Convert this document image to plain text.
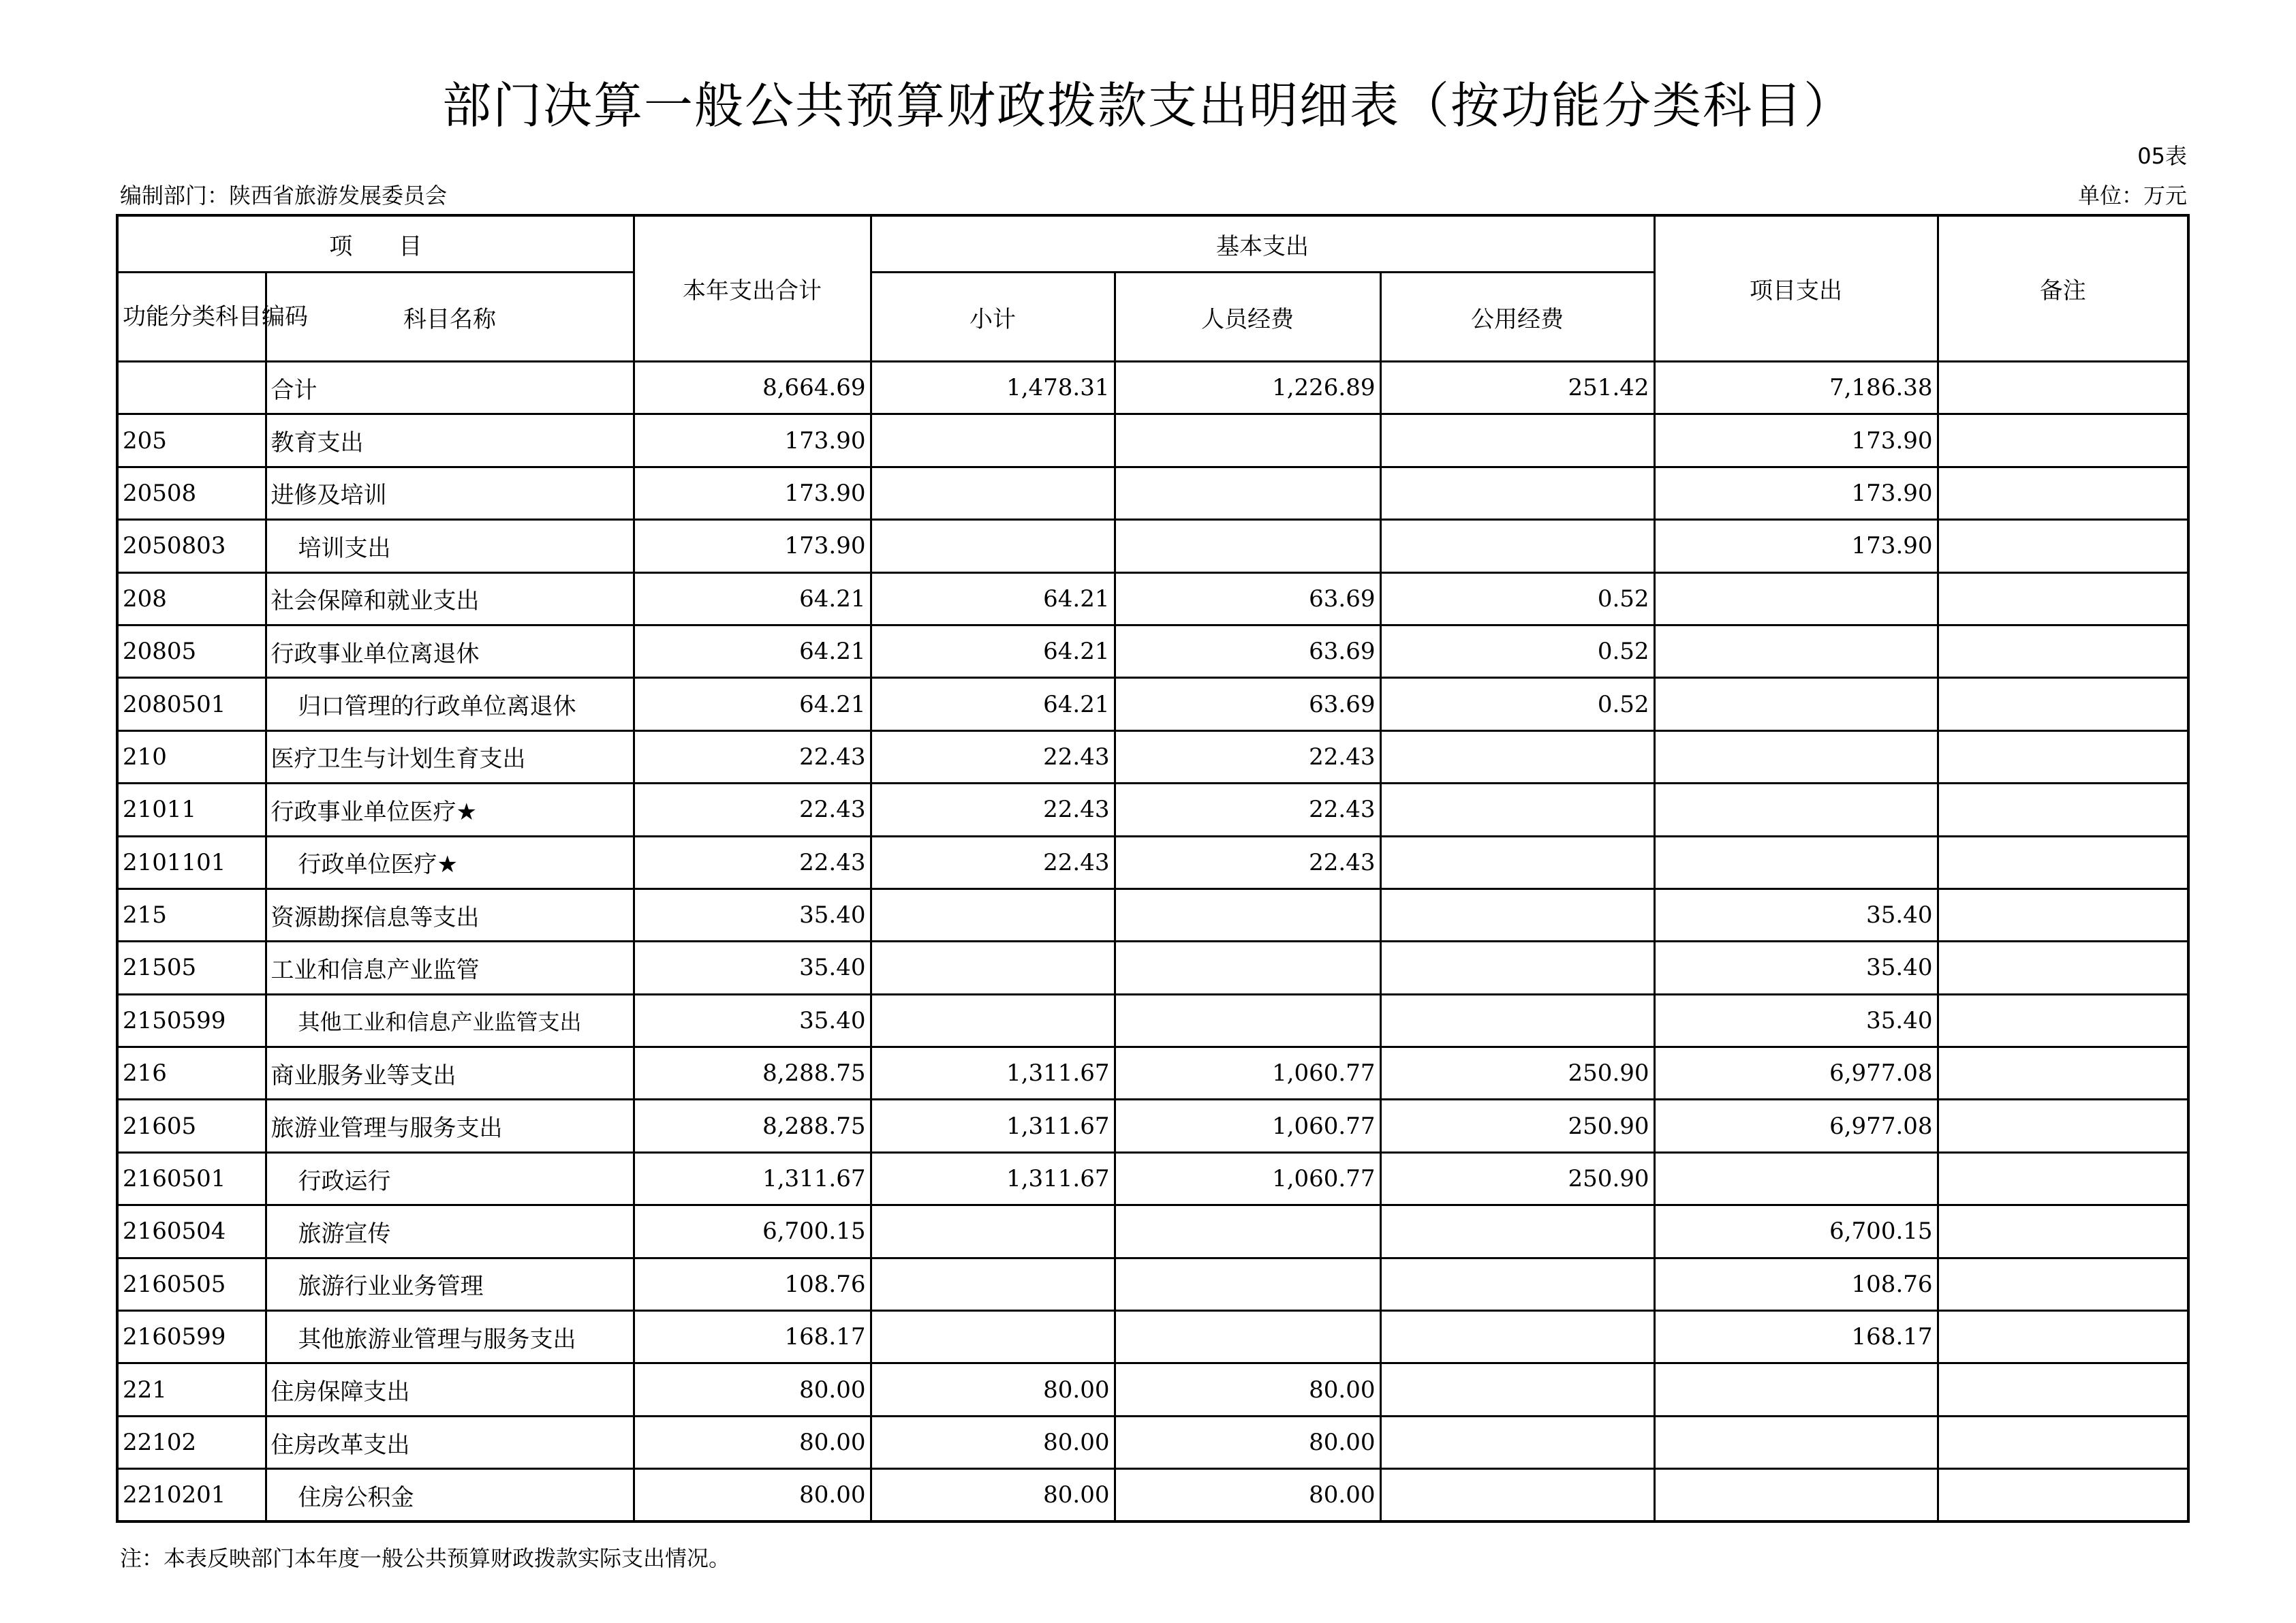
部门决算一般公共预算财政拨款支出明细表（按功能分类科目）
05表
编制部门：陕西省旅游发展委员会	单位：万元
项　　目		本年支出合计	基本支出			项目支出	备注
功能分类科目编码	科目名称		小计	人员经费	公用经费		
	合计	8,664.69	1,478.31	1,226.89	251.42	7,186.38	
205	教育支出	173.90				173.90	
20508	进修及培训	173.90				173.90	
2050803	培训支出	173.90				173.90	
208	社会保障和就业支出	64.21	64.21	63.69	0.52		
20805	行政事业单位离退休	64.21	64.21	63.69	0.52		
2080501	归口管理的行政单位离退休	64.21	64.21	63.69	0.52		
210	医疗卫生与计划生育支出	22.43	22.43	22.43			
21011	行政事业单位医疗★	22.43	22.43	22.43			
2101101	行政单位医疗★	22.43	22.43	22.43			
215	资源勘探信息等支出	35.40				35.40	
21505	工业和信息产业监管	35.40				35.40	
2150599	其他工业和信息产业监管支出	35.40				35.40	
216	商业服务业等支出	8,288.75	1,311.67	1,060.77	250.90	6,977.08	
21605	旅游业管理与服务支出	8,288.75	1,311.67	1,060.77	250.90	6,977.08	
2160501	行政运行	1,311.67	1,311.67	1,060.77	250.90		
2160504	旅游宣传	6,700.15				6,700.15	
2160505	旅游行业业务管理	108.76				108.76	
2160599	其他旅游业管理与服务支出	168.17				168.17	
221	住房保障支出	80.00	80.00	80.00			
22102	住房改革支出	80.00	80.00	80.00			
2210201	住房公积金	80.00	80.00	80.00			
注：本表反映部门本年度一般公共预算财政拨款实际支出情况。
